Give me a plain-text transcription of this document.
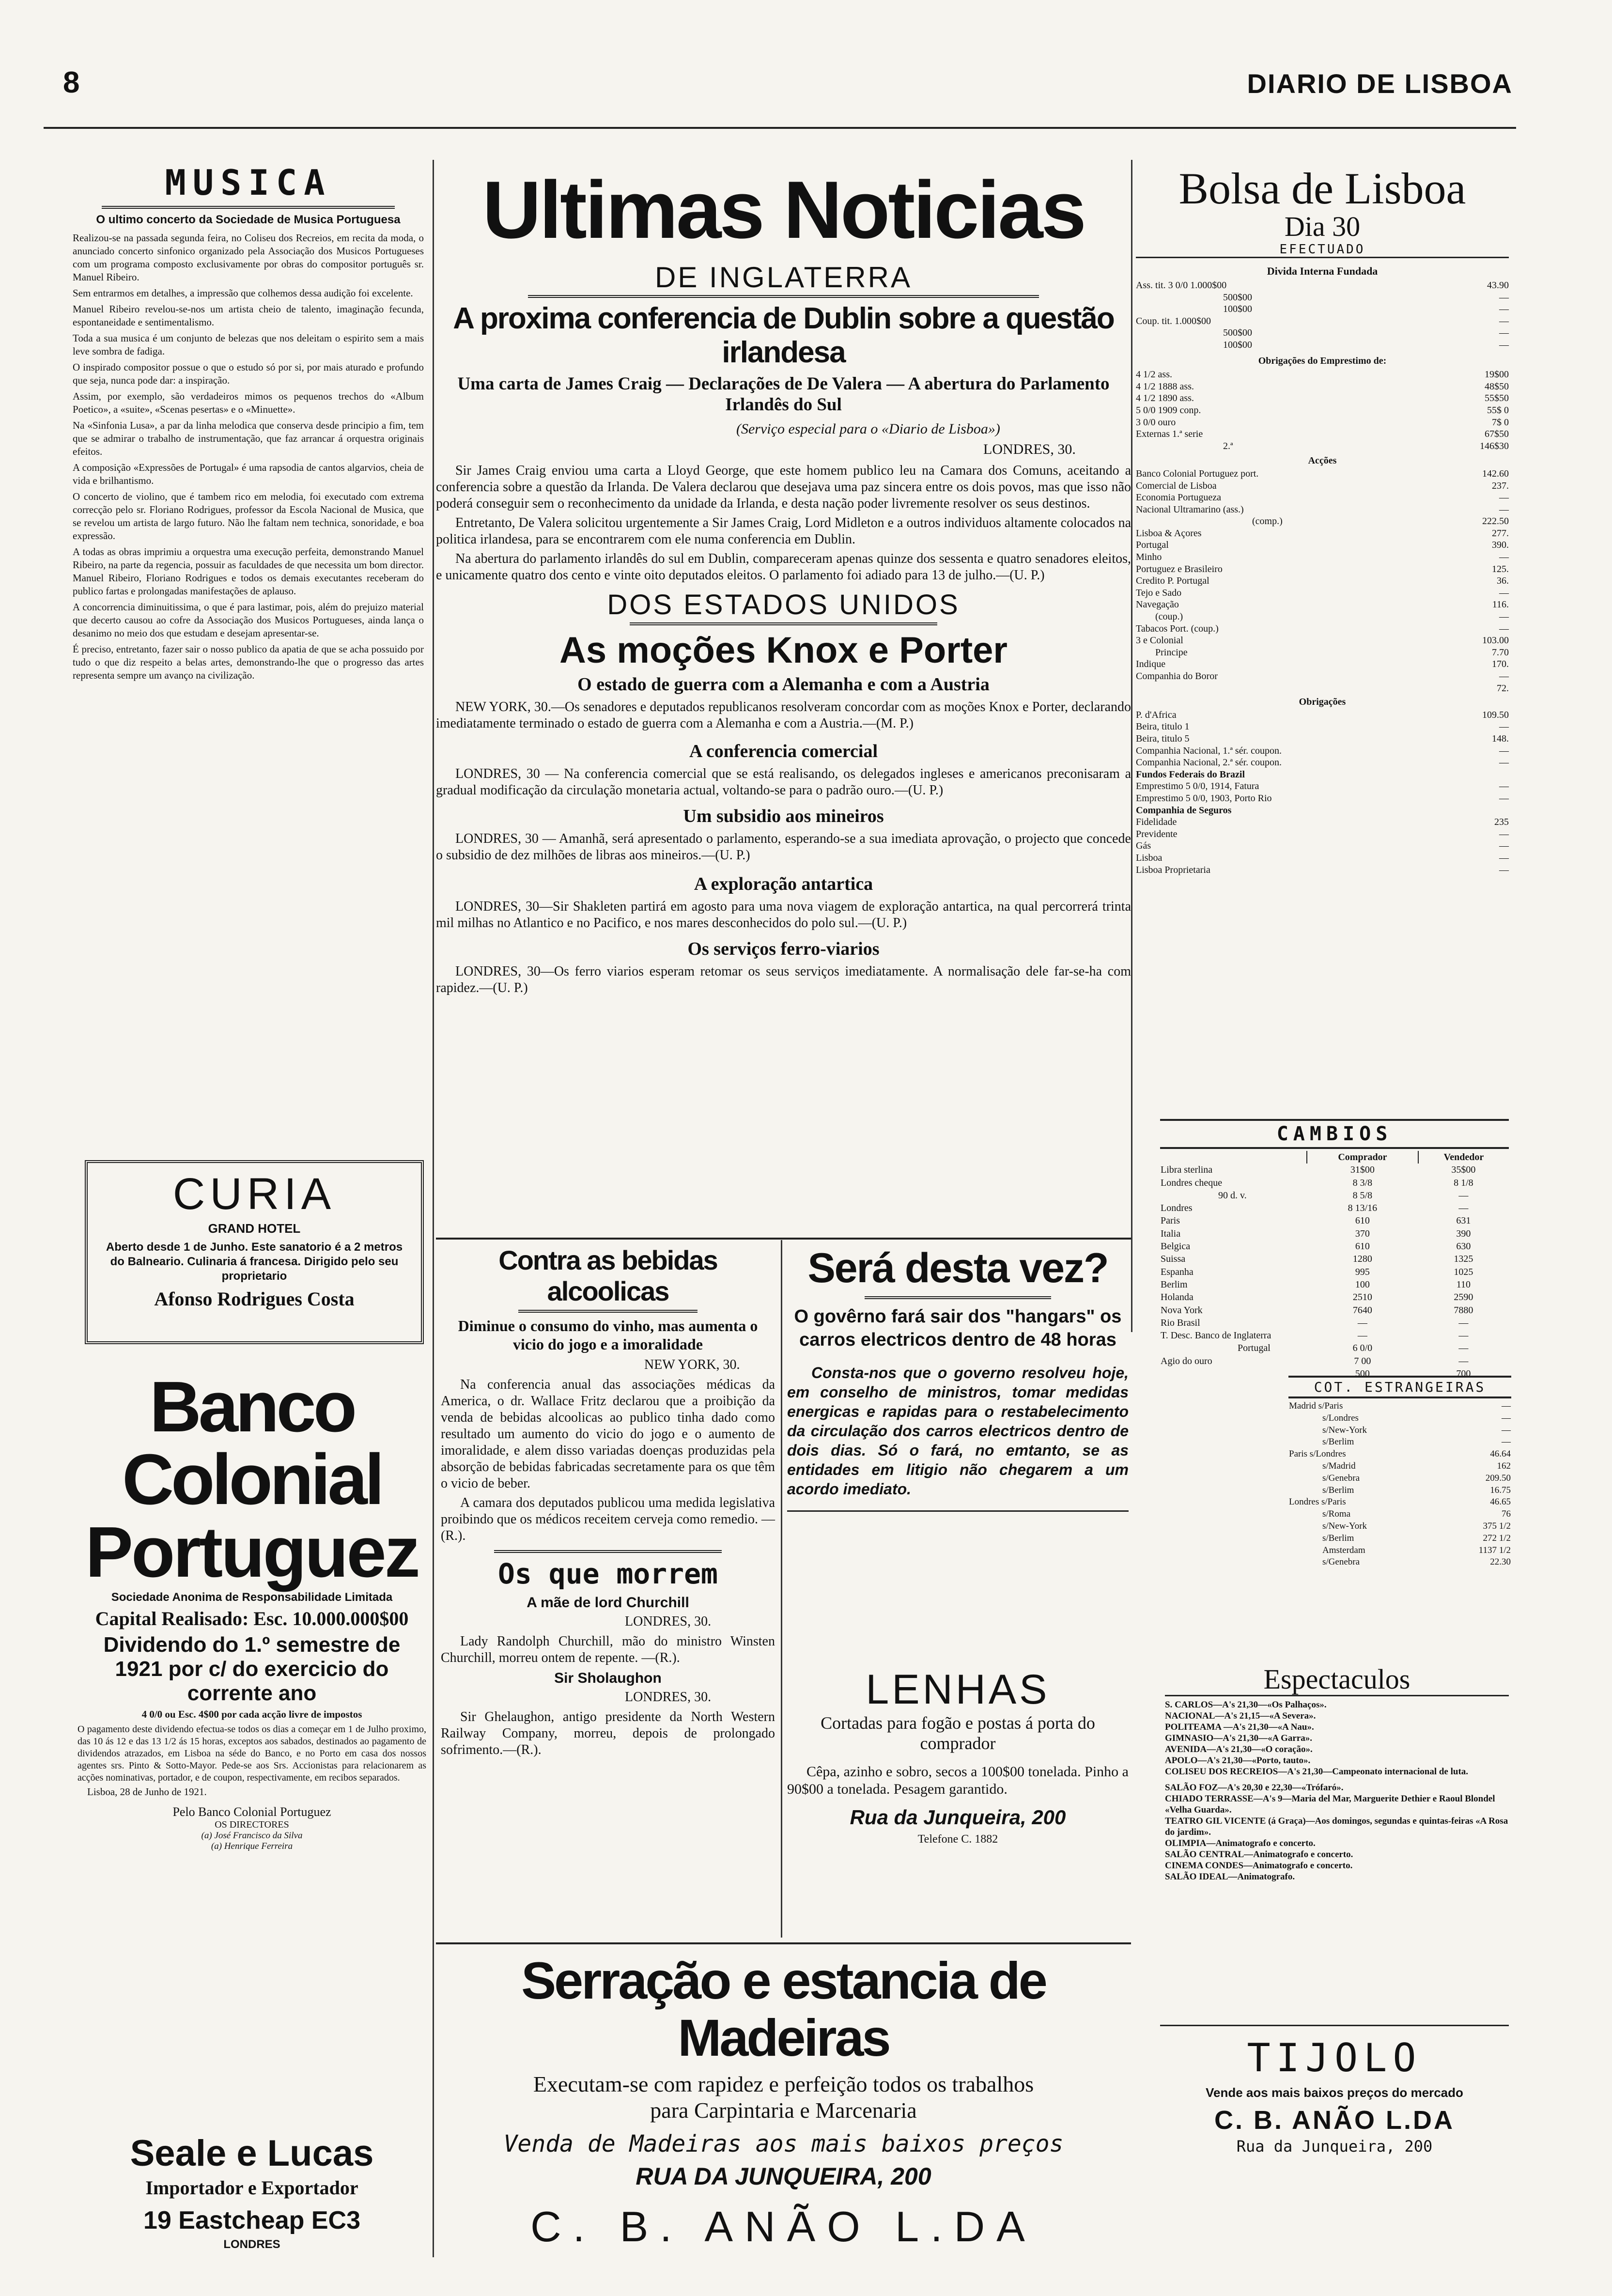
8	DIARIO DE LISBOA
MUSICA
O ultimo concerto da Sociedade de Musica Portuguesa

Realizou-se na passada segunda feira, no Coliseu dos Recreios, em recita da moda, o anunciado concerto sinfonico organizado pela Associação dos Musicos Portugueses com um programa composto exclusivamente por obras do compositor português sr. Manuel Ribeiro.

Sem entrarmos em detalhes, a impressão que colhemos dessa audição foi excelente.

Manuel Ribeiro revelou-se-nos um artista cheio de talento, imaginação fecunda, espontaneidade e sentimentalismo.

Toda a sua musica é um conjunto de belezas que nos deleitam o espirito sem a mais leve sombra de fadiga.

O inspirado compositor possue o que o estudo só por si, por mais aturado e profundo que seja, nunca pode dar: a inspiração.

Assim, por exemplo, são verdadeiros mimos os pequenos trechos do «Album Poetico», a «suite», «Scenas pesertas» e o «Minuette».

Na «Sinfonia Lusa», a par da linha melodica que conserva desde principio a fim, tem que se admirar o trabalho de instrumentação, que faz arrancar á orquestra originais efeitos.

A composição «Expressões de Portugal» é uma rapsodia de cantos algarvios, cheia de vida e brilhantismo.

O concerto de violino, que é tambem rico em melodia, foi executado com extrema correcção pelo sr. Floriano Rodrigues, professor da Escola Nacional de Musica, que se revelou um artista de largo futuro. Não lhe faltam nem technica, sonoridade, e boa expressão.

A todas as obras imprimiu a orquestra uma execução perfeita, demonstrando Manuel Ribeiro, na parte da regencia, possuir as faculdades de que necessita um bom director. Manuel Ribeiro, Floriano Rodrigues e todos os demais executantes receberam do publico fartas e prolongadas manifestações de aplauso.

A concorrencia diminuitissima, o que é para lastimar, pois, além do prejuizo material que decerto causou ao cofre da Associação dos Musicos Portugueses, ainda lança o desanimo no meio dos que estudam e desejam apresentar-se.

É preciso, entretanto, fazer sair o nosso publico da apatia de que se acha possuido por tudo o que diz respeito a belas artes, demonstrando-lhe que o progresso das artes representa sempre um avanço na civilização.

CURIA
GRAND HOTEL
Aberto desde 1 de Junho. Este sanatorio é a 2 metros do Balneario. Culinaria á francesa. Dirigido pelo seu proprietario
Afonso Rodrigues Costa
Banco Colonial
Portuguez
Sociedade Anonima de Responsabilidade Limitada
Capital Realisado: Esc. 10.000.000$00
Dividendo do 1.º semestre de 1921 por c/ do exercicio do corrente ano
4 0/0 ou Esc. 4$00 por cada acção livre de impostos
O pagamento deste dividendo efectua-se todos os dias a começar em 1 de Julho proximo, das 10 ás 12 e das 13 1/2 ás 15 horas, exceptos aos sabados, destinados ao pagamento de dividendos atrazados, em Lisboa na séde do Banco, e no Porto em casa dos nossos agentes srs. Pinto & Sotto-Mayor. Pede-se aos Srs. Accionistas para relacionarem as acções nominativas, portador, e de coupon, respectivamente, em recibos separados.
Lisboa, 28 de Junho de 1921.
Pelo Banco Colonial Portuguez
OS DIRECTORES
(a) José Francisco da Silva
(a) Henrique Ferreira
Seale e Lucas
Importador e Exportador
19 Eastcheap EC3
LONDRES
Ultimas Noticias
DE INGLATERRA
A proxima conferencia de Dublin sobre a questão irlandesa
Uma carta de James Craig — Declarações de De Valera — A abertura do Parlamento Irlandês do Sul
(Serviço especial para o «Diario de Lisboa»)
LONDRES, 30.

Sir James Craig enviou uma carta a Lloyd George, que este homem publico leu na Camara dos Comuns, aceitando a conferencia sobre a questão da Irlanda. De Valera declarou que desejava uma paz sincera entre os dois povos, mas que isso não poderá conseguir sem o reconhecimento da unidade da Irlanda, e desta nação poder livremente resolver os seus destinos.

Entretanto, De Valera solicitou urgentemente a Sir James Craig, Lord Midleton e a outros individuos altamente colocados na politica irlandesa, para se encontrarem com ele numa conferencia em Dublin.

Na abertura do parlamento irlandês do sul em Dublin, compareceram apenas quinze dos sessenta e quatro senadores eleitos, e unicamente quatro dos cento e vinte oito deputados eleitos. O parlamento foi adiado para 13 de julho.—(U. P.)

DOS ESTADOS UNIDOS
As moções Knox e Porter
O estado de guerra com a Alemanha e com a Austria
NEW YORK, 30.—Os senadores e deputados republicanos resolveram concordar com as moções Knox e Porter, declarando imediatamente terminado o estado de guerra com a Alemanha e com a Austria.—(M. P.)
A conferencia comercial
LONDRES, 30 — Na conferencia comercial que se está realisando, os delegados ingleses e americanos preconisaram a gradual modificação da circulação monetaria actual, voltando-se para o padrão ouro.—(U. P.)
Um subsidio aos mineiros
LONDRES, 30 — Amanhã, será apresentado o parlamento, esperando-se a sua imediata aprovação, o projecto que concede o subsidio de dez milhões de libras aos mineiros.—(U. P.)
A exploração antartica
LONDRES, 30—Sir Shakleten partirá em agosto para uma nova viagem de exploração antartica, na qual percorrerá trinta mil milhas no Atlantico e no Pacifico, e nos mares desconhecidos do polo sul.—(U. P.)
Os serviços ferro-viarios
LONDRES, 30—Os ferro viarios esperam retomar os seus serviços imediatamente. A normalisação dele far-se-ha com rapidez.—(U. P.)
Contra as bebidas alcoolicas
Diminue o consumo do vinho, mas aumenta o vicio do jogo e a imoralidade
NEW YORK, 30.

Na conferencia anual das associações médicas da America, o dr. Wallace Fritz declarou que a proibição da venda de bebidas alcoolicas ao publico tinha dado como resultado um aumento do vicio do jogo e o aumento de imoralidade, e alem disso variadas doenças produzidas pela absorção de bebidas fabricadas secretamente para os que têm o vicio de beber.

A camara dos deputados publicou uma medida legislativa proibindo que os médicos receitem cerveja como remedio. —(R.).

Os que morrem
A mãe de lord Churchill
LONDRES, 30.
Lady Randolph Churchill, mão do ministro Winsten Churchill, morreu ontem de repente. —(R.).
Sir Sholaughon
LONDRES, 30.
Sir Ghelaughon, antigo presidente da North Western Railway Company, morreu, depois de prolongado sofrimento.—(R.).
Será desta vez?
O govêrno fará sair dos "hangars" os carros electricos dentro de 48 horas
Consta-nos que o governo resolveu hoje, em conselho de ministros, tomar medidas energicas e rapidas para o restabelecimento da circulação dos carros electricos dentro de dois dias. Só o fará, no emtanto, se as entidades em litigio não chegarem a um acordo imediato.
LENHAS
Cortadas para fogão e postas á porta do comprador
Cêpa, azinho e sobro, secos a 100$00 tonelada. Pinho a 90$00 a tonelada. Pesagem garantido.
Rua da Junqueira, 200
Telefone C. 1882
Serração e estancia de Madeiras
Executam-se com rapidez e perfeição todos os trabalhos para Carpintaria e Marcenaria
Venda de Madeiras aos mais baixos preços
RUA DA JUNQUEIRA, 200
C. B. ANÃO L.DA
Bolsa de Lisboa
Dia 30
EFECTUADO
Divida Interna Fundada
Ass. tit. 3 0/0 1.000$00	43.90
500$00	—
100$00	—
Coup. tit. 1.000$00	—
500$00	—
100$00	—
Obrigações do Emprestimo de:
4 1/2 ass.	19$00
4 1/2 1888 ass.	48$50
4 1/2 1890 ass.	55$50
5 0/0 1909 conp.	55$ 0
3 0/0 ouro	7$ 0
Externas 1.ª serie	67$50
2.ª	146$30
Acções
Banco Colonial Portuguez port.	142.60
Comercial de Lisboa	237.
Economia Portugueza	—
Nacional Ultramarino (ass.)	—
(comp.)	222.50
Lisboa & Açores	277.
Portugal	390.
Minho	—
Portuguez e Brasileiro	125.
Credito P. Portugal	36.
Tejo e Sado	—
Navegação	116.
(coup.)	—
Tabacos Port. (coup.)	—
3 e Colonial	103.00
Principe	7.70
Indique	170.
Companhia do Boror	—
72.
Obrigações
P. d'Africa	109.50
Beira, titulo 1	—
Beira, titulo 5	148.
Companhia Nacional, 1.ª sér. coupon.	—
Companhia Nacional, 2.ª sér. coupon.	—
Fundos Federais do Brazil
Emprestimo 5 0/0, 1914, Fatura	—
Emprestimo 5 0/0, 1903, Porto Rio	—
Companhia de Seguros
Fidelidade	235
Previdente	—
Gás	—
Lisboa	—
Lisboa Proprietaria	—
CAMBIOS
	Comprador	Vendedor
Libra sterlina	31$00	35$00
Londres cheque	8 3/8	8 1/8
90 d. v.	8 5/8	—
Londres	8 13/16	—
Paris	610	631
Italia	370	390
Belgica	610	630
Suissa	1280	1325
Espanha	995	1025
Berlim	100	110
Holanda	2510	2590
Nova York	7640	7880
Rio Brasil	—	—
T. Desc. Banco de Inglaterra	—	—
Portugal	6 0/0	—
Agio do ouro	7 00	—
	500	700
COT. ESTRANGEIRAS
Madrid s/Paris	—
s/Londres	—
s/New-York	—
s/Berlim	—
Paris s/Londres	46.64
s/Madrid	162
s/Genebra	209.50
s/Berlim	16.75
Londres s/Paris	46.65
s/Roma	76
s/New-York	375 1/2
s/Berlim	272 1/2
Amsterdam	1137 1/2
s/Genebra	22.30
Espectaculos
S. CARLOS—A's 21,30—«Os Palhaços».
NACIONAL—A's 21,15—«A Severa».
POLITEAMA —A's 21,30—«A Nau».
GIMNASIO—A's 21,30—«A Garra».
AVENIDA—A's 21,30—«O coração».
APOLO—A's 21,30—«Porto, tauto».
COLISEU DOS RECREIOS—A's 21,30—Campeonato internacional de luta.
SALÃO FOZ—A's 20,30 e 22,30—«Trófaró».
CHIADO TERRASSE—A's 9—Maria del Mar, Marguerite Dethier e Raoul Blondel «Velha Guarda».
TEATRO GIL VICENTE (á Graça)—Aos domingos, segundas e quintas-feiras «A Rosa do jardim».
OLIMPIA—Animatografo e concerto.
SALÃO CENTRAL—Animatografo e concerto.
CINEMA CONDES—Animatografo e concerto.
SALÃO IDEAL—Animatografo.
TIJOLO
Vende aos mais baixos preços do mercado
C. B. ANÃO L.DA
Rua da Junqueira, 200
